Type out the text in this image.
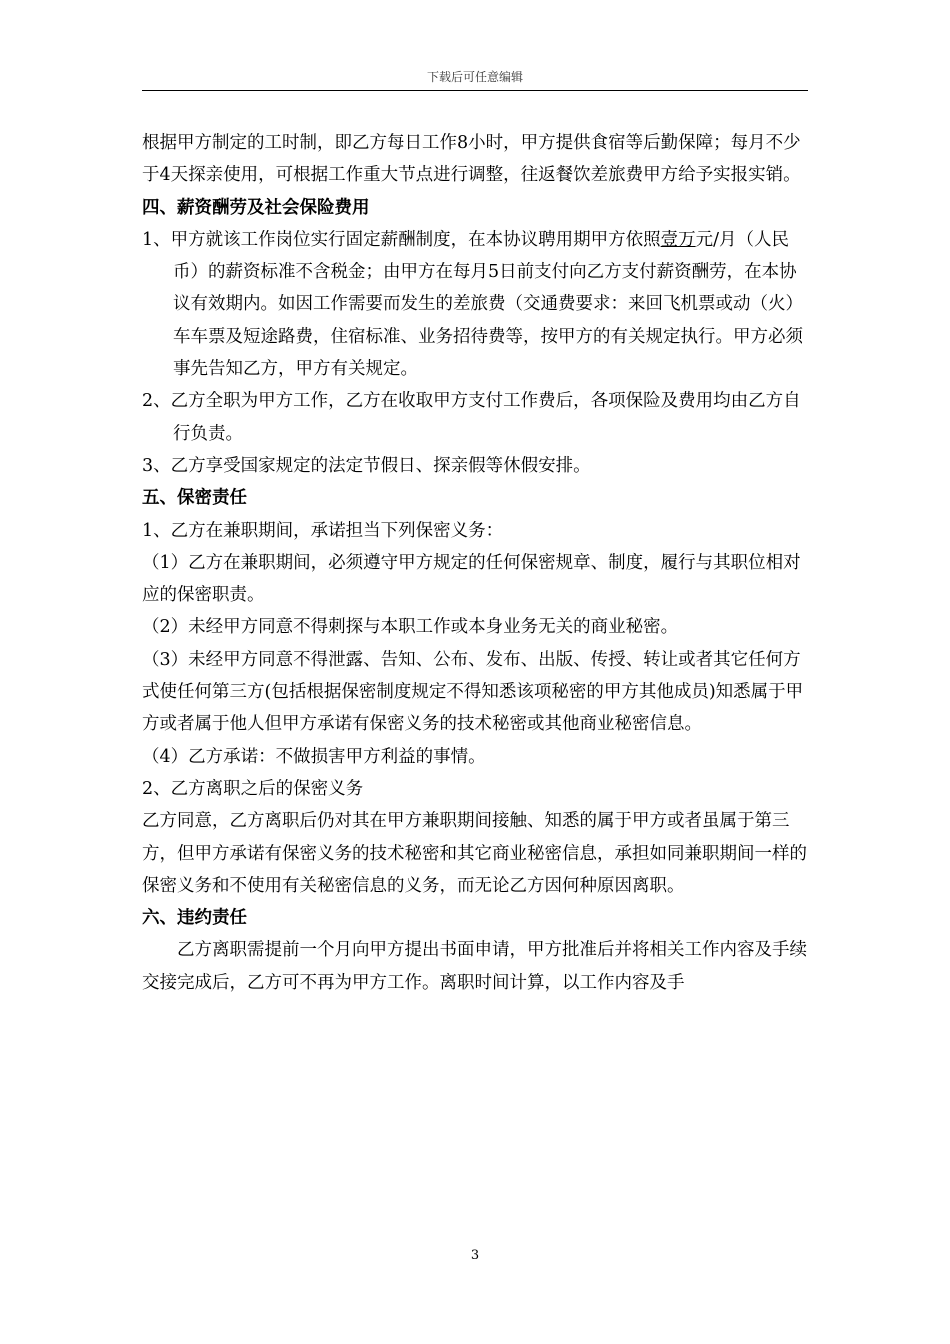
下载后可任意编辑

根据甲方制定的工时制，即乙方每日工作8小时，甲方提供食宿等后勤保障；每月不少于4天探亲使用，可根据工作重大节点进行调整，往返餐饮差旅费甲方给予实报实销。

四、薪资酬劳及社会保险费用

1、甲方就该工作岗位实行固定薪酬制度，在本协议聘用期甲方依照壹万元/月（人民币）的薪资标准不含税金；由甲方在每月5日前支付向乙方支付薪资酬劳，在本协议有效期内。如因工作需要而发生的差旅费（交通费要求：来回飞机票或动（火）车车票及短途路费，住宿标准、业务招待费等，按甲方的有关规定执行。甲方必须事先告知乙方，甲方有关规定。

2、乙方全职为甲方工作，乙方在收取甲方支付工作费后，各项保险及费用均由乙方自行负责。

3、乙方享受国家规定的法定节假日、探亲假等休假安排。

五、保密责任

1、乙方在兼职期间，承诺担当下列保密义务：

（1）乙方在兼职期间，必须遵守甲方规定的任何保密规章、制度，履行与其职位相对应的保密职责。

（2）未经甲方同意不得刺探与本职工作或本身业务无关的商业秘密。

（3）未经甲方同意不得泄露、告知、公布、发布、出版、传授、转让或者其它任何方式使任何第三方(包括根据保密制度规定不得知悉该项秘密的甲方其他成员)知悉属于甲方或者属于他人但甲方承诺有保密义务的技术秘密或其他商业秘密信息。

（4）乙方承诺：不做损害甲方利益的事情。

2、乙方离职之后的保密义务

乙方同意，乙方离职后仍对其在甲方兼职期间接触、知悉的属于甲方或者虽属于第三方，但甲方承诺有保密义务的技术秘密和其它商业秘密信息，承担如同兼职期间一样的保密义务和不使用有关秘密信息的义务，而无论乙方因何种原因离职。

六、违约责任

乙方离职需提前一个月向甲方提出书面申请，甲方批准后并将相关工作内容及手续交接完成后，乙方可不再为甲方工作。离职时间计算，以工作内容及手

3
